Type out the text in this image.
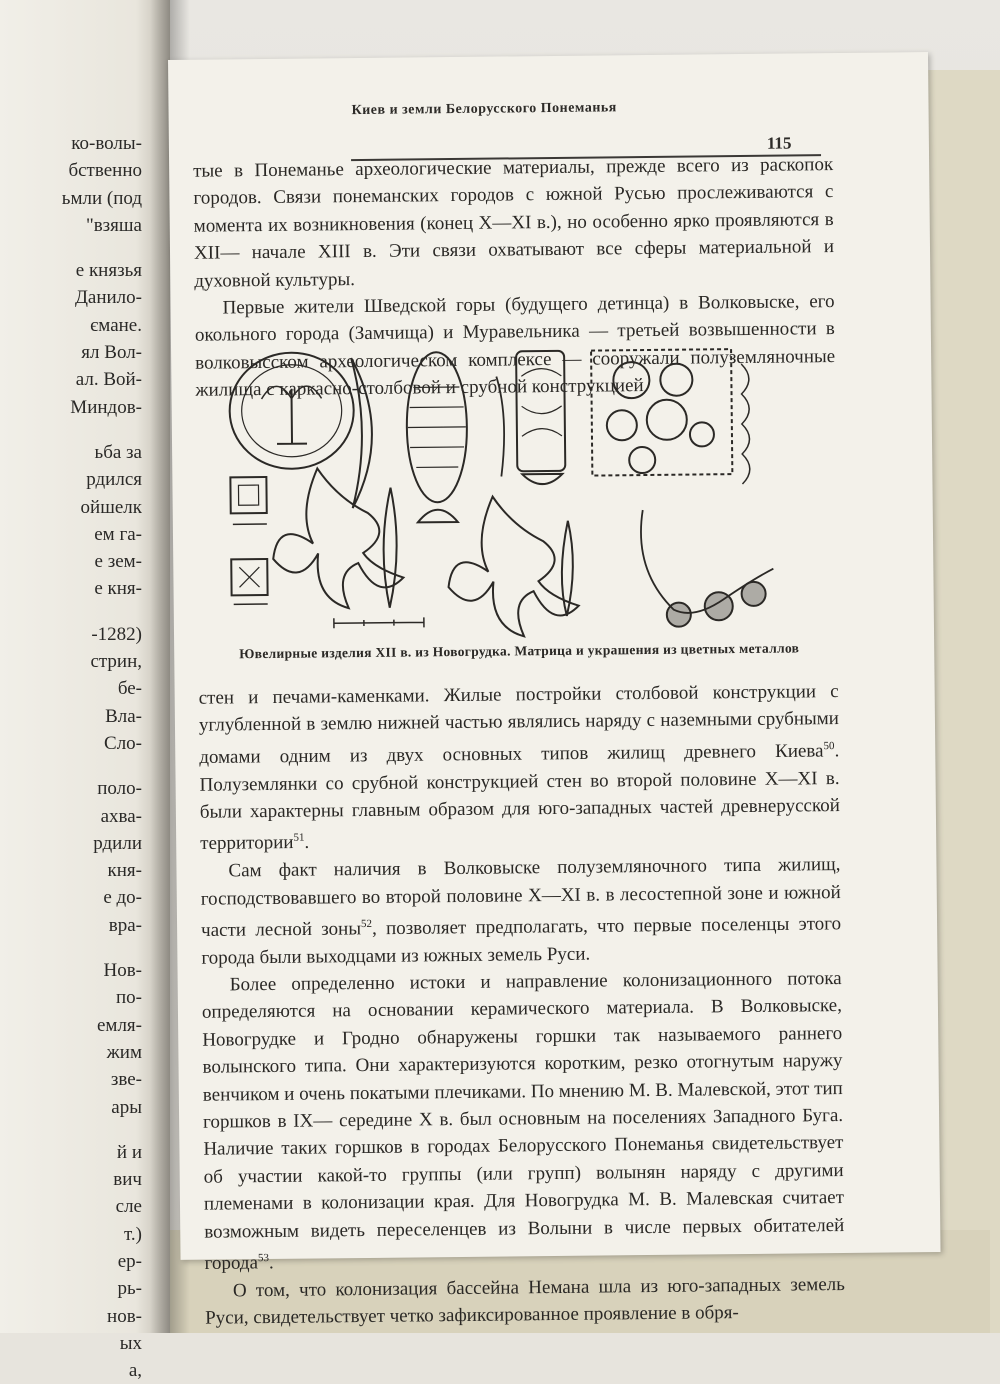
ко-волы-
бственно
ьмли (под
"взяша
е князья
Данило-
ємане.
ял Вол-
ал. Вой-
Миндов-
ьба за
рдился
ойшелк
ем га-
е зем-
е кня-
-1282)
стрин,
бе-
Вла-
Сло-
поло-
ахва-
рдили
кня-
е до-
вра-
Нов-
по-
емля-
жим
зве-
ары
й и
вич
сле
т.)
ер-
рь-
нов-
ых
а,
Киев и земли Белорусского Понеманья
115

тые в Понеманье археологические материалы, прежде всего из раскопок городов. Связи понеманских городов с южной Русью прослеживаются с момента их возникновения (конец X—XI в.), но особенно ярко проявляются в XII— начале XIII в. Эти связи охватывают все сферы материальной и духовной культуры.

Первые жители Шведской горы (будущего детинца) в Волковыске, его окольного города (Замчища) и Муравельника — третьей возвышенности в волковысском археологическом комплексе — сооружали полуземляночные жилища с каркасно-столбовой и срубной конструкцией

Ювелирные изделия XII в. из Новогрудка. Матрица и украшения из цветных металлов

стен и печами-каменками. Жилые постройки столбовой конструкции с углубленной в землю нижней частью являлись наряду с наземными срубными домами одним из двух основных типов жилищ древнего Киева$^{50}$. Полуземлянки со срубной конструкцией стен во второй половине X—XI в. были характерны главным образом для юго-западных частей древнерусской территории$^{51}$.

Сам факт наличия в Волковыске полуземляночного типа жилищ, господствовавшего во второй половине X—XI в. в лесостепной зоне и южной части лесной зоны$^{52}$, позволяет предполагать, что первые поселенцы этого города были выходцами из южных земель Руси.

Более определенно истоки и направление колонизационного потока определяются на основании керамического материала. В Волковыске, Новогрудке и Гродно обнаружены горшки так называемого раннего волынского типа. Они характеризуются коротким, резко отогнутым наружу венчиком и очень покатыми плечиками. По мнению М. В. Малевской, этот тип горшков в IX— середине X в. был основным на поселениях Западного Буга. Наличие таких горшков в городах Белорусского Понеманья свидетельствует об участии какой-то группы (или групп) волынян наряду с другими племенами в колонизации края. Для Новогрудка М. В. Малевская считает возможным видеть переселенцев из Волыни в числе первых обитателей города$^{53}$.

О том, что колонизация бассейна Немана шла из юго-западных земель Руси, свидетельствует четко зафиксированное проявление в обря-
